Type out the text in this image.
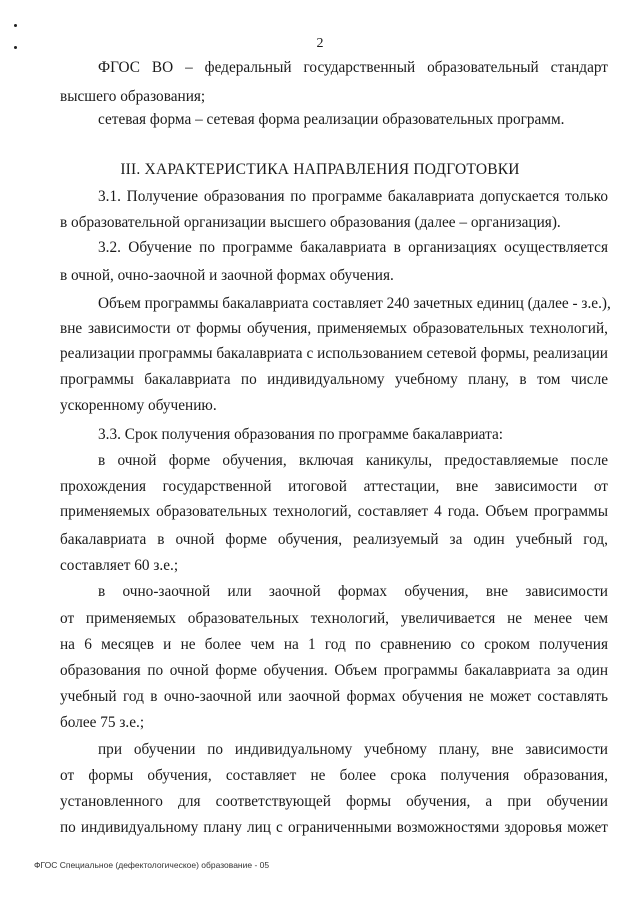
2
ФГОС ВО – федеральный государственный образовательный стандарт
высшего образования;
сетевая форма – сетевая форма реализации образовательных программ.
III. ХАРАКТЕРИСТИКА НАПРАВЛЕНИЯ ПОДГОТОВКИ
3.1. Получение образования по программе бакалавриата допускается только
в образовательной организации высшего образования (далее – организация).
3.2. Обучение по программе бакалавриата в организациях осуществляется
в очной, очно-заочной и заочной формах обучения.
Объем программы бакалавриата составляет 240 зачетных единиц (далее - з.е.),
вне зависимости от формы обучения, применяемых образовательных технологий,
реализации программы бакалавриата с использованием сетевой формы, реализации
программы бакалавриата по индивидуальному учебному плану, в том числе
ускоренному обучению.
3.3. Срок получения образования по программе бакалавриата:
в очной форме обучения, включая каникулы, предоставляемые после
прохождения государственной итоговой аттестации, вне зависимости от
применяемых образовательных технологий, составляет 4 года. Объем программы
бакалавриата в очной форме обучения, реализуемый за один учебный год,
составляет 60 з.е.;
в очно-заочной или заочной формах обучения, вне зависимости
от применяемых образовательных технологий, увеличивается не менее чем
на 6 месяцев и не более чем на 1 год по сравнению со сроком получения
образования по очной форме обучения. Объем программы бакалавриата за один
учебный год в очно-заочной или заочной формах обучения не может составлять
более 75 з.е.;
при обучении по индивидуальному учебному плану, вне зависимости
от формы обучения, составляет не более срока получения образования,
установленного для соответствующей формы обучения, а при обучении
по индивидуальному плану лиц с ограниченными возможностями здоровья может
ФГОС Специальное (дефектологическое) образование - 05
